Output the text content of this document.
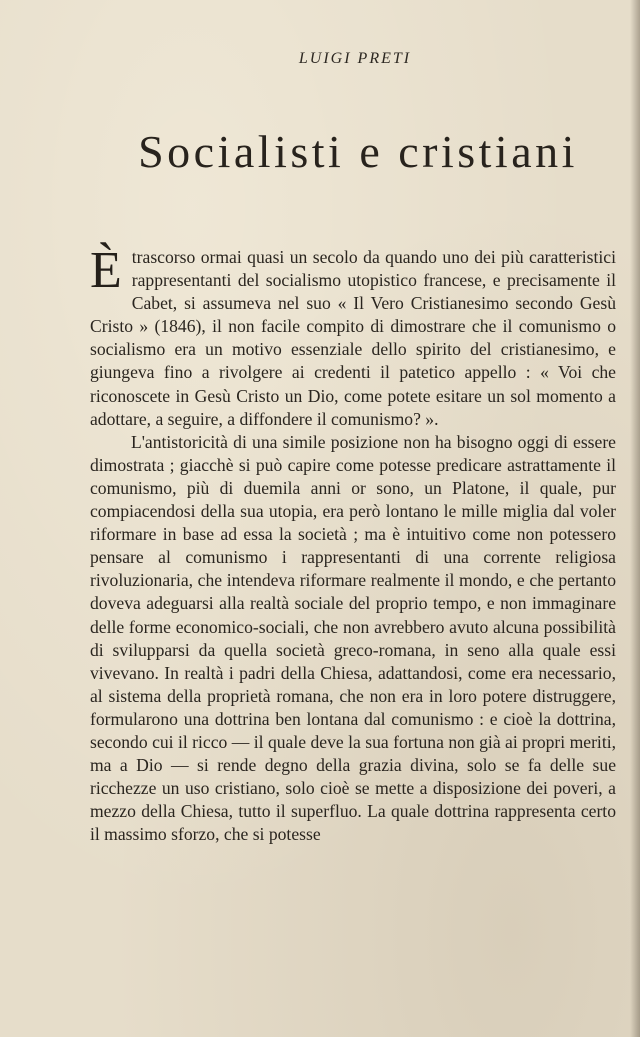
LUIGI PRETI
Socialisti e cristiani

Ètrascorso ormai quasi un secolo da quando uno dei più caratteristici rappresentanti del socialismo utopistico francese, e precisamente il Cabet, si assumeva nel suo « Il Vero Cristianesimo secondo Gesù Cristo » (1846), il non facile compito di dimostrare che il comunismo o socialismo era un motivo essenziale dello spirito del cristianesimo, e giungeva fino a rivolgere ai credenti il patetico appello : « Voi che riconoscete in Gesù Cristo un Dio, come potete esitare un sol momento a adottare, a seguire, a diffondere il comunismo? ».

L'antistoricità di una simile posizione non ha bisogno oggi di essere dimostrata ; giacchè si può capire come potesse predicare astrattamente il comunismo, più di duemila anni or sono, un Platone, il quale, pur compiacendosi della sua utopia, era però lontano le mille miglia dal voler riformare in base ad essa la società ; ma è intuitivo come non potessero pensare al comunismo i rappresentanti di una corrente religiosa rivoluzionaria, che intendeva riformare realmente il mondo, e che pertanto doveva adeguarsi alla realtà sociale del proprio tempo, e non immaginare delle forme economico-sociali, che non avrebbero avuto alcuna possibilità di svilupparsi da quella società greco-romana, in seno alla quale essi vivevano. In realtà i padri della Chiesa, adattandosi, come era necessario, al sistema della proprietà romana, che non era in loro potere distruggere, formularono una dottrina ben lontana dal comunismo : e cioè la dottrina, secondo cui il ricco — il quale deve la sua fortuna non già ai propri meriti, ma a Dio — si rende degno della grazia divina, solo se fa delle sue ricchezze un uso cristiano, solo cioè se mette a disposizione dei poveri, a mezzo della Chiesa, tutto il superfluo. La quale dottrina rappresenta certo il massimo sforzo, che si potesse
